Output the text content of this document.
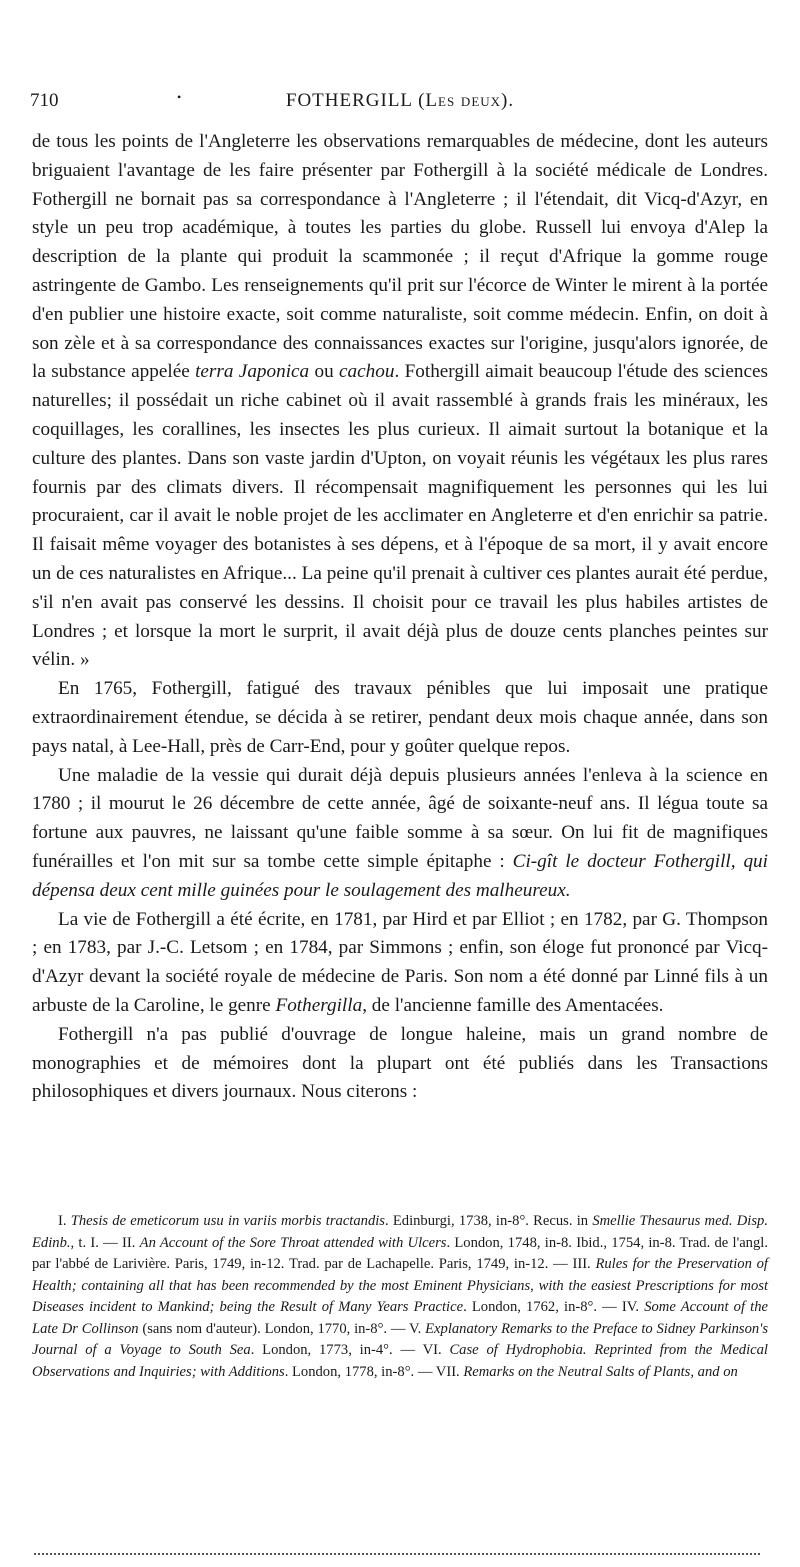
710	•	FOTHERGILL (Les deux).

de tous les points de l'Angleterre les observations remarquables de médecine, dont les auteurs briguaient l'avantage de les faire présenter par Fothergill à la société médicale de Londres. Fothergill ne bornait pas sa correspondance à l'Angleterre ; il l'étendait, dit Vicq-d'Azyr, en style un peu trop académique, à toutes les parties du globe. Russell lui envoya d'Alep la description de la plante qui produit la scammonée ; il reçut d'Afrique la gomme rouge astringente de Gambo. Les renseignements qu'il prit sur l'écorce de Winter le mirent à la portée d'en publier une histoire exacte, soit comme naturaliste, soit comme médecin. Enfin, on doit à son zèle et à sa correspondance des connaissances exactes sur l'origine, jusqu'alors ignorée, de la substance appelée terra Japonica ou cachou. Fothergill aimait beaucoup l'étude des sciences naturelles; il possédait un riche cabinet où il avait rassemblé à grands frais les minéraux, les coquillages, les corallines, les insectes les plus curieux. Il aimait surtout la botanique et la culture des plantes. Dans son vaste jardin d'Upton, on voyait réunis les végétaux les plus rares fournis par des climats divers. Il récompensait magnifiquement les personnes qui les lui procuraient, car il avait le noble projet de les acclimater en Angleterre et d'en enrichir sa patrie. Il faisait même voyager des botanistes à ses dépens, et à l'époque de sa mort, il y avait encore un de ces naturalistes en Afrique... La peine qu'il prenait à cultiver ces plantes aurait été perdue, s'il n'en avait pas conservé les dessins. Il choisit pour ce travail les plus habiles artistes de Londres ; et lorsque la mort le surprit, il avait déjà plus de douze cents planches peintes sur vélin. »

En 1765, Fothergill, fatigué des travaux pénibles que lui imposait une pratique extraordinairement étendue, se décida à se retirer, pendant deux mois chaque année, dans son pays natal, à Lee-Hall, près de Carr-End, pour y goûter quelque repos.

Une maladie de la vessie qui durait déjà depuis plusieurs années l'enleva à la science en 1780 ; il mourut le 26 décembre de cette année, âgé de soixante-neuf ans. Il légua toute sa fortune aux pauvres, ne laissant qu'une faible somme à sa sœur. On lui fit de magnifiques funérailles et l'on mit sur sa tombe cette simple épitaphe : Ci-gît le docteur Fothergill, qui dépensa deux cent mille guinées pour le soulagement des malheureux.

La vie de Fothergill a été écrite, en 1781, par Hird et par Elliot ; en 1782, par G. Thompson ; en 1783, par J.-C. Letsom ; en 1784, par Simmons ; enfin, son éloge fut prononcé par Vicq-d'Azyr devant la société royale de médecine de Paris. Son nom a été donné par Linné fils à un arbuste de la Caroline, le genre Fothergilla, de l'ancienne famille des Amentacées.

Fothergill n'a pas publié d'ouvrage de longue haleine, mais un grand nombre de monographies et de mémoires dont la plupart ont été publiés dans les Transactions philosophiques et divers journaux. Nous citerons :

I. Thesis de emeticorum usu in variis morbis tractandis. Edinburgi, 1738, in-8°. Recus. in Smellie Thesaurus med. Disp. Edinb., t. I. — II. An Account of the Sore Throat attended with Ulcers. London, 1748, in-8. Ibid., 1754, in-8. Trad. de l'angl. par l'abbé de Larivière. Paris, 1749, in-12. Trad. par de Lachapelle. Paris, 1749, in-12. — III. Rules for the Preservation of Health; containing all that has been recommended by the most Eminent Physicians, with the easiest Prescriptions for most Diseases incident to Mankind; being the Result of Many Years Practice. London, 1762, in-8°. — IV. Some Account of the Late Dr Collinson (sans nom d'auteur). London, 1770, in-8°. — V. Explanatory Remarks to the Preface to Sidney Parkinson's Journal of a Voyage to South Sea. London, 1773, in-4°. — VI. Case of Hydrophobia. Reprinted from the Medical Observations and Inquiries; with Additions. London, 1778, in-8°. — VII. Remarks on the Neutral Salts of Plants, and on
